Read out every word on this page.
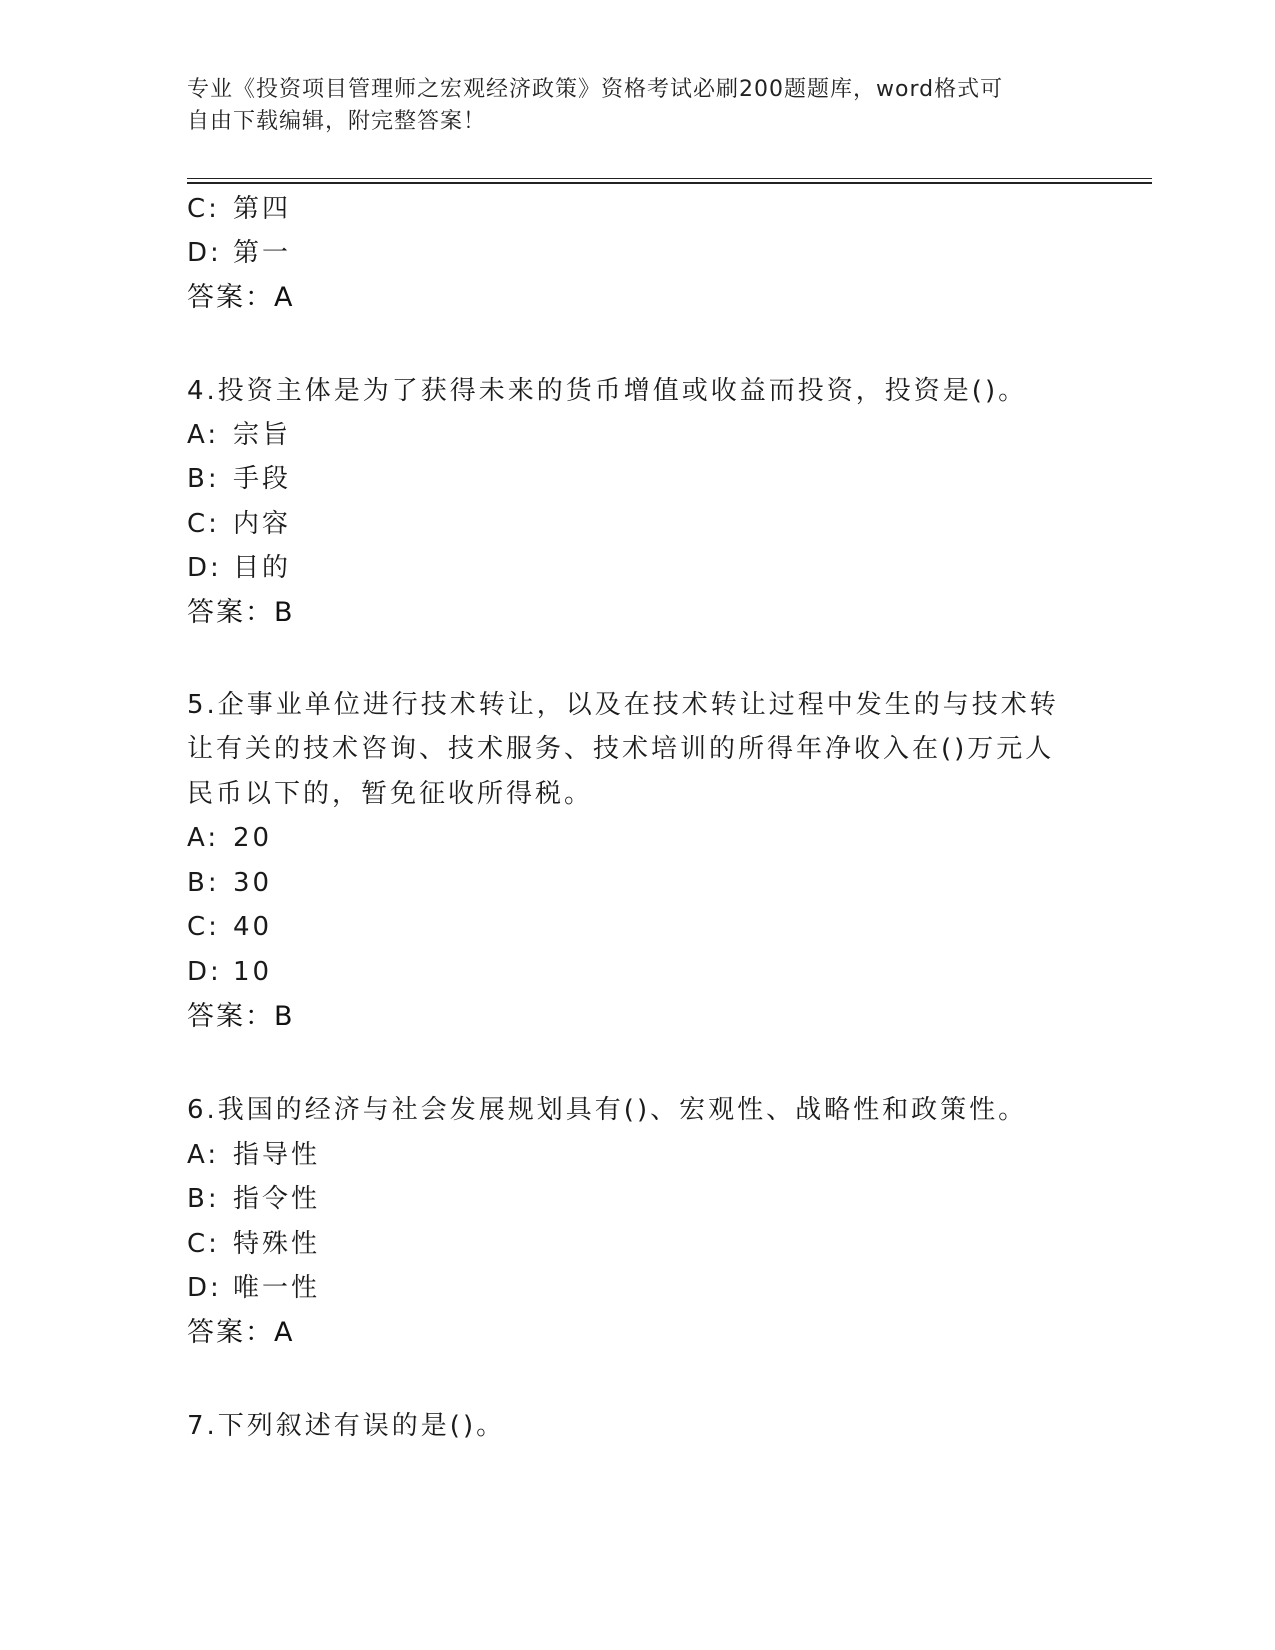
专业《投资项目管理师之宏观经济政策》资格考试必刷200题题库，word格式可
自由下载编辑，附完整答案！
C: 第四
D: 第一
答案：A
4.投资主体是为了获得未来的货币增值或收益而投资，投资是()。
A: 宗旨
B: 手段
C: 内容
D: 目的
答案：B
5.企事业单位进行技术转让，以及在技术转让过程中发生的与技术转
让有关的技术咨询、技术服务、技术培训的所得年净收入在()万元人
民币以下的，暂免征收所得税。
A: 20
B: 30
C: 40
D: 10
答案：B
6.我国的经济与社会发展规划具有()、宏观性、战略性和政策性。
A: 指导性
B: 指令性
C: 特殊性
D: 唯一性
答案：A
7.下列叙述有误的是()。
